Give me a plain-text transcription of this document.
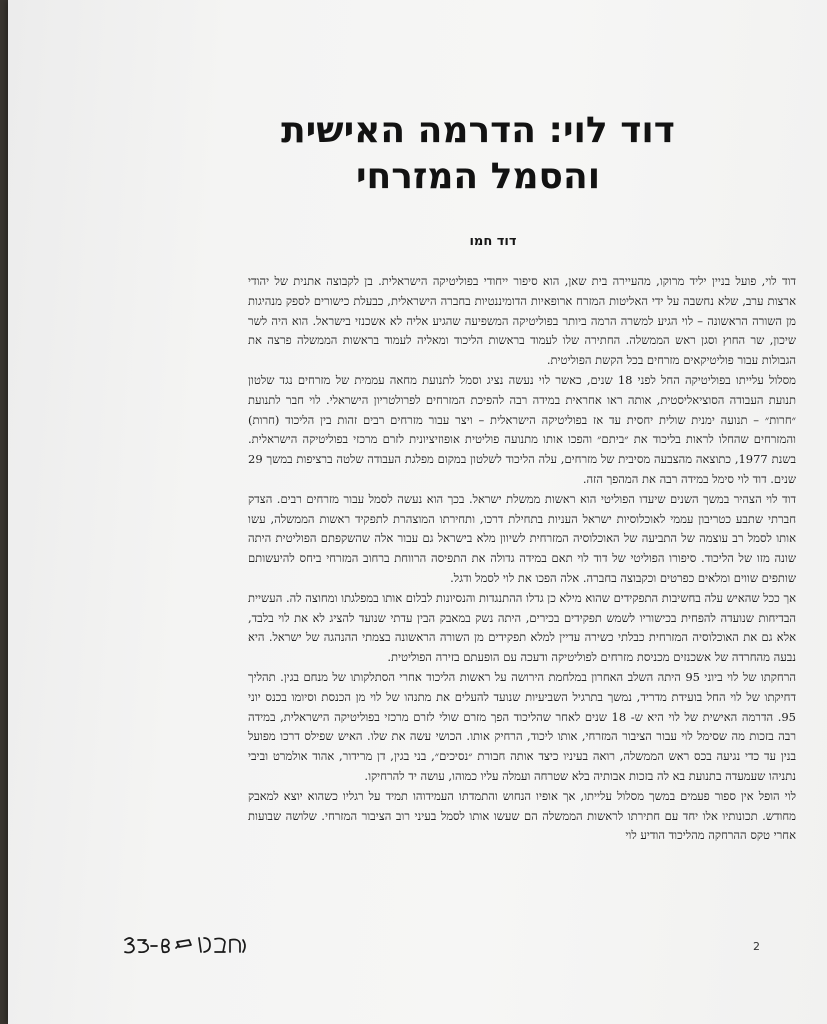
דוד לוי: הדרמה האישית
והסמל המזרחי
דוד חמו

דוד לוי, פועל בניין יליד מרוקו, מהעיירה בית שאן, הוא סיפור ייחודי בפוליטיקה הישראלית. בן לקבוצה אתנית של יהודי ארצות ערב, שלא נחשבה על ידי האליטות המזרח ארופאיות הדומיננטיות בחברה הישראלית, כבעלת כישורים לספק מנהיגות מן השורה הראשונה – לוי הגיע למשרה הרמה ביותר בפוליטיקה המשפיעה שהגיע אליה לא אשכנזי בישראל. הוא היה לשר שיכון, שר החוץ וסגן ראש הממשלה. החתירה שלו לעמוד בראשות הליכוד ומאליה לעמוד בראשות הממשלה פרצה את הגבולות עבור פוליטיקאים מזרחים בכל הקשת הפוליטית.

מסלול עלייתו בפוליטיקה החל לפני 18 שנים, כאשר לוי נעשה נציג וסמל לתנועת מחאה עממית של מזרחים נגד שלטון תנועת העבודה הסוציאליסטית, אותה ראו אחראית במידה רבה להפיכת המזרחים לפרולטריון הישראלי. לוי חבר לתנועת ״חרות״ – תנועה ימנית שולית יחסית עד אז בפוליטיקה הישראלית – ויצר עבור מזרחים רבים זהות בין הליכוד (חרות) והמזרחים שהחלו לראות בליכוד את ״ביתם״ והפכו אותו מתנועה פוליטית אופוזיציונית לזרם מרכזי בפוליטיקה הישראלית. בשנת 1977, כתוצאה מהצבעה מסיבית של מזרחים, עלה הליכוד לשלטון במקום מפלגת העבודה שלטה ברציפות במשך 29 שנים. דוד לוי סימל במידה רבה את המהפך הזה.

דוד לוי הצהיר במשך השנים שיעדו הפוליטי הוא ראשות ממשלת ישראל. בכך הוא נעשה לסמל עבור מזרחים רבים. הצדק חברתי שתבע כטריבון עממי לאוכלוסיות ישראל העניות בתחילת דרכו, ותחירתו המוצהרת לתפקיד ראשות הממשלה, עשו אותו לסמל רב עוצמה של התביעה של האוכלוסיה המזרחית לשיוון מלא בישראל גם עבור אלה שהשקפתם הפוליטית היתה שונה מזו של הליכוד. סיפורו הפוליטי של דוד לוי תאם במידה גדולה את התפיסה הרווחת ברחוב המזרחי ביחס להיעשותם שותפים שווים ומלאים כפרטים וכקבוצה בחברה. אלה הפכו את לוי לסמל ודגל.

אך ככל שהאיש עלה בחשיבות התפקידים שהוא מילא כן גדלו ההתנגדות והנסיונות לבלום אותו במפלגתו ומחוצה לה. העשיית הבדיחות שנועדה להפחית בכישוריו לשמש תפקידים בכירים, היתה נשק במאבק הבין עדתי שנועד להציג לא את לוי בלבד, אלא גם את האוכלוסיה המזרחית כבלתי כשירה עדיין למלא תפקידים מן השורה הראשונה בצמתי ההנהגה של ישראל. היא נבעה מהחרדה של אשכנזים מכניסת מזרחים לפוליטיקה ודעכה עם הופעתם בזירה הפוליטית.

הרחקתו של לוי ביוני 95 היתה השלב האחרון במלחמת הירושה על ראשות הליכוד אחרי הסתלקותו של מנחם בגין. תהליך דחיקתו של לוי החל בועידת מדריד, נמשך בתרגיל השביעיות שנועד להעלים את מתנהו של לוי מן הכנסת וסיומו בכנס יוני 95. הדרמה האישית של לוי היא ש- 18 שנים לאחר שהליכוד הפך מזרם שולי לזרם מרכזי בפוליטיקה הישראלית, במידה רבה בזכות מה שסימל לוי עבור הציבור המזרחי, אותו ליכוד, הרחיק אותו. הכושי עשה את שלו. האיש שפילס דרכו מפועל בנין עד כדי נגיעה בכס ראש הממשלה, רואה בעיניו כיצד אותה חבורת ״נסיכים״, בני בגין, דן מרידור, אהוד אולמרט וביבי נתניהו שעמעדה בתנועת בא לה בזכות אבותיה בלא שטרחה ועמלה עליו כמוהו, עושה יד להרחיקו.

לוי הופל אין ספור פעמים במשך מסלול עלייתו, אך אופיו הנחוש והתמדתו העמידוהו תמיד על רגליו כשהוא יוצא למאבק מחודש. תכונותיו אלו יחד עם חתירתו לראשות הממשלה הם שעשו אותו לסמל בעיני רוב הציבור המזרחי. שלושה שבועות אחרי טקס ההרחקה מהליכוד הודיע לוי

2
